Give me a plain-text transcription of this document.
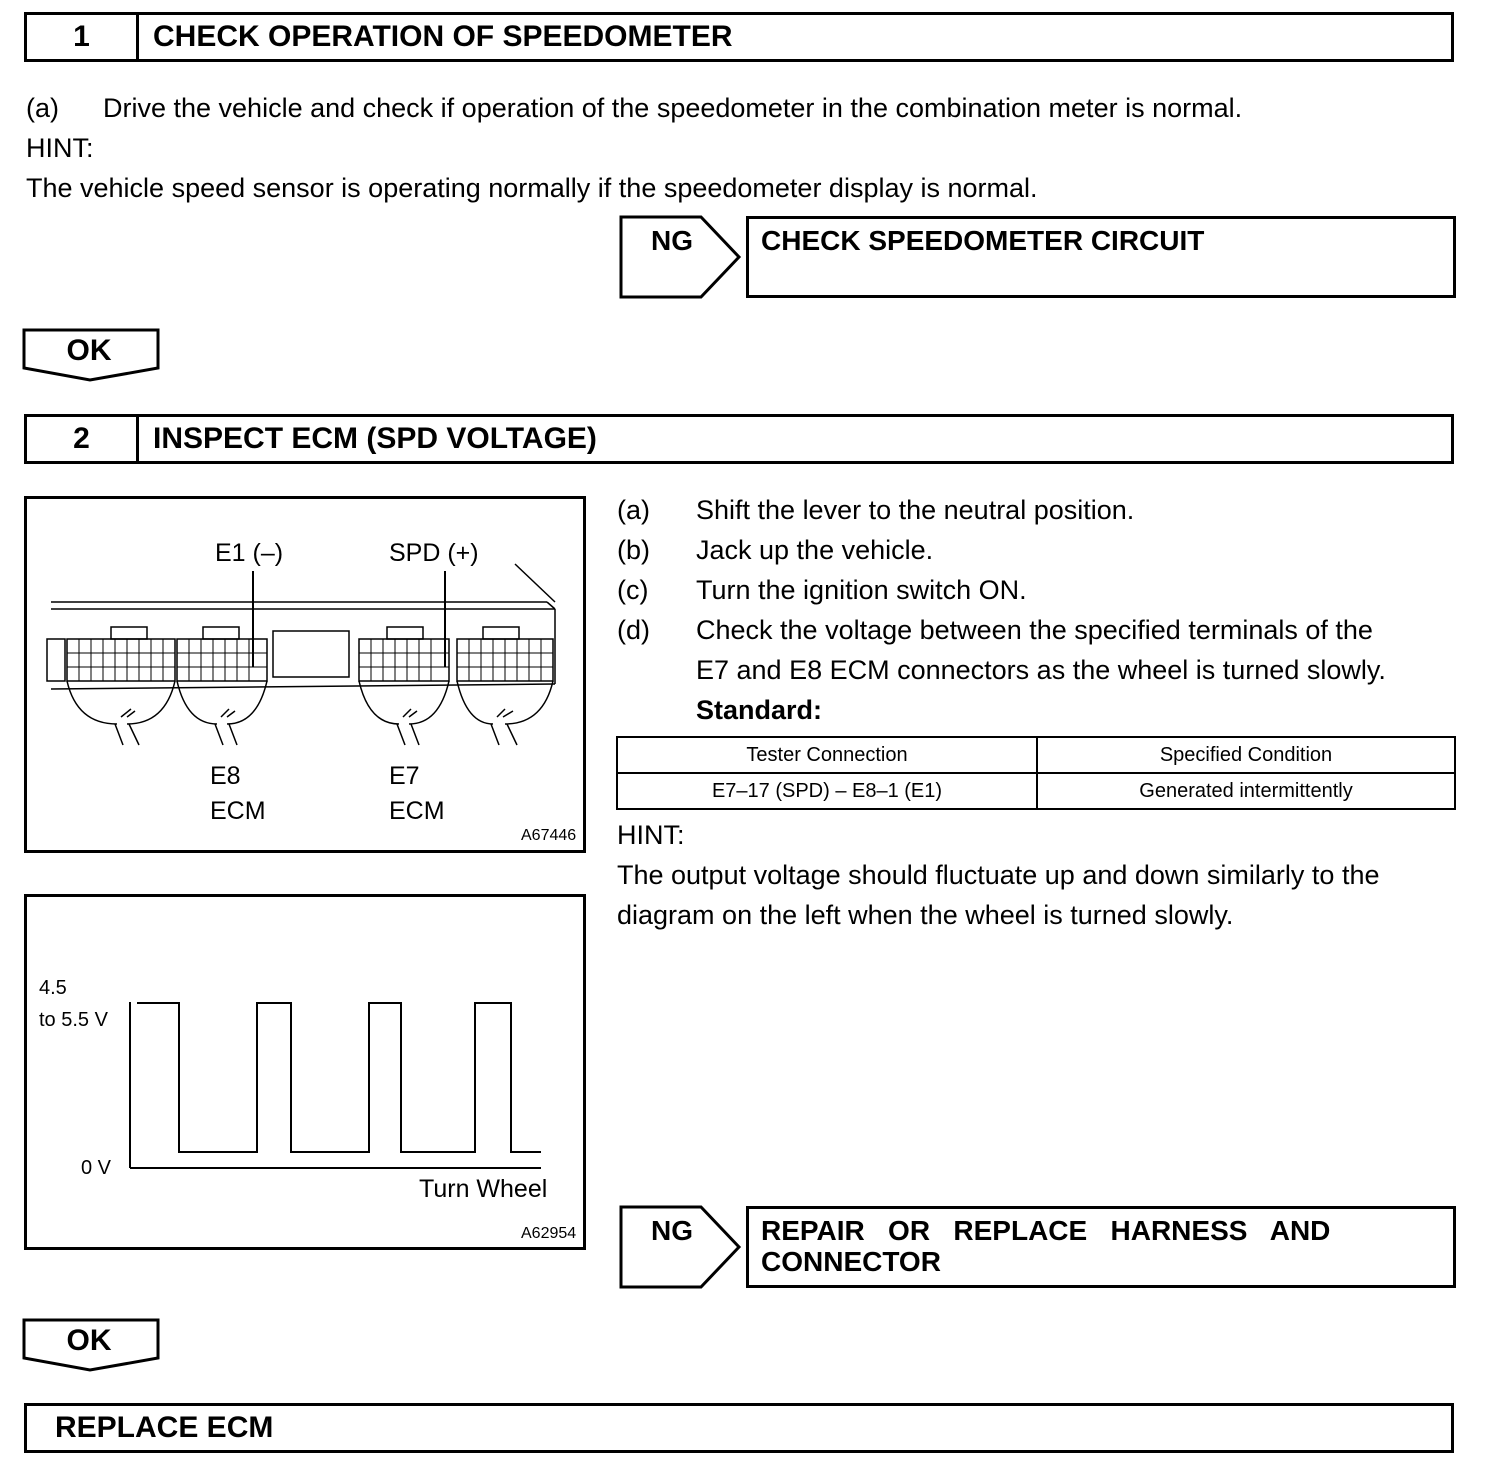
1	CHECK OPERATION OF SPEEDOMETER
(a) Drive the vehicle and check if operation of the speedometer in the combination meter is normal.
HINT:
The vehicle speed sensor is operating normally if the speedometer display is normal.
NG	CHECK SPEEDOMETER CIRCUIT
OK
2	INSPECT ECM (SPD VOLTAGE)
E1 (–)	SPD (+)
E8
ECM
E7
ECM
A67446
4.5
to 5.5 V
0 V
Turn Wheel
A62954
(a) Shift the lever to the neutral position.
(b) Jack up the vehicle.
(c) Turn the ignition switch ON.
(d) Check the voltage between the specified terminals of the
E7 and E8 ECM connectors as the wheel is turned slowly.
Standard:
Tester Connection	Specified Condition
E7–17 (SPD) – E8–1 (E1)	Generated intermittently
HINT:
The output voltage should fluctuate up and down similarly to the
diagram on the left when the wheel is turned slowly.
NG	REPAIR   OR   REPLACE   HARNESS   AND
CONNECTOR
OK
REPLACE ECM
